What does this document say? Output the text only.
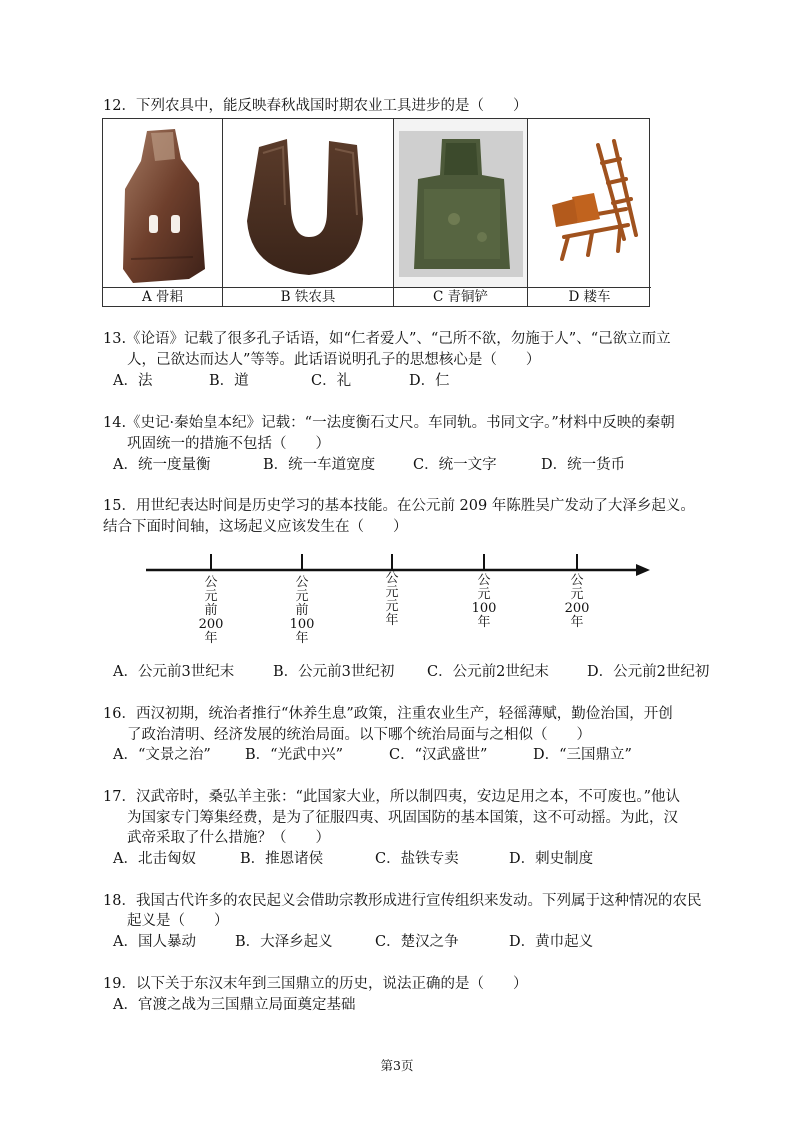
12．下列农具中，能反映春秋战国时期农业工具进步的是（　　）
A 骨耜	B 铁农具	C 青铜铲	D 耧车
13.《论语》记载了很多孔子话语，如“仁者爱人”、“己所不欲，勿施于人”、“己欲立而立
人，己欲达而达人”等等。此话语说明孔子的思想核心是（　　）
A．法	B．道	C．礼	D．仁
14.《史记·秦始皇本纪》记载：“一法度衡石丈尺。车同轨。书同文字。”材料中反映的秦朝
巩固统一的措施不包括（　　）
A．统一度量衡	B．统一车道宽度	C．统一文字	D．统一货币
15．用世纪表达时间是历史学习的基本技能。在公元前 209 年陈胜吴广发动了大泽乡起义。
结合下面时间轴，这场起义应该发生在（　　）
公
元
前
200
年
公
元
前
100
年
公
元
元
年
公
元
100
年
公
元
200
年
A．公元前3世纪末	B．公元前3世纪初 C．公元前2世纪末	D．公元前2世纪初
16．西汉初期，统治者推行“休养生息”政策，注重农业生产，轻徭薄赋，勤俭治国，开创
了政治清明、经济发展的统治局面。以下哪个统治局面与之相似（　　）
A．“文景之治” B．“光武中兴”	C．“汉武盛世”	D．“三国鼎立”
17．汉武帝时，桑弘羊主张：“此国家大业，所以制四夷，安边足用之本，不可废也。”他认
为国家专门筹集经费，是为了征服四夷、巩固国防的基本国策，这不可动摇。为此，汉
武帝采取了什么措施？（　　）
A．北击匈奴	B．推恩诸侯	C．盐铁专卖	D．刺史制度
18．我国古代许多的农民起义会借助宗教形成进行宣传组织来发动。下列属于这种情况的农民
起义是（　　）
A．国人暴动	B．大泽乡起义	C．楚汉之争	D．黄巾起义
19．以下关于东汉末年到三国鼎立的历史，说法正确的是（　　）
A．官渡之战为三国鼎立局面奠定基础
第3页
